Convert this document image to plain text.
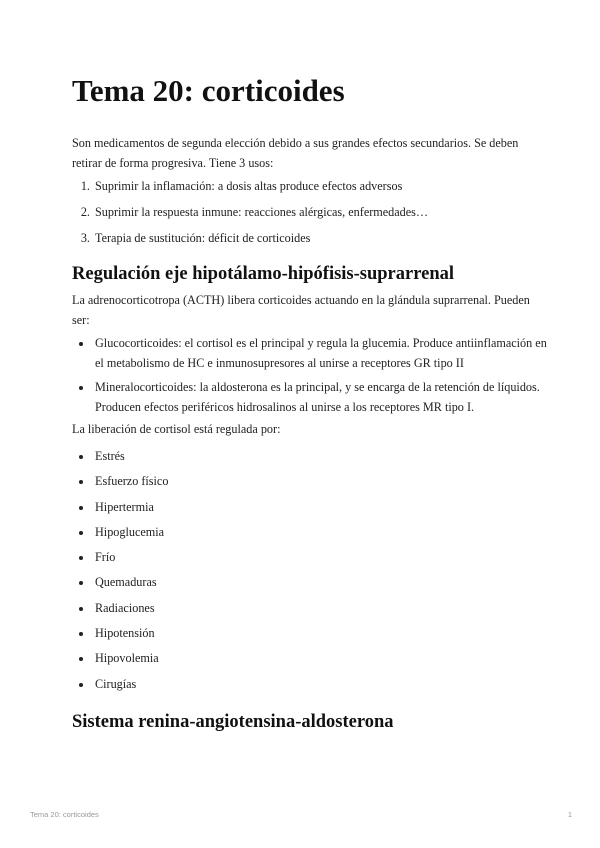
Tema 20: corticoides

Son medicamentos de segunda elección debido a sus grandes efectos secundarios. Se deben retirar de forma progresiva. Tiene 3 usos:

1. Suprimir la inflamación: a dosis altas produce efectos adversos
2. Suprimir la respuesta inmune: reacciones alérgicas, enfermedades…
3. Terapia de sustitución: déficit de corticoides
Regulación eje hipotálamo-hipófisis-suprarrenal

La adrenocorticotropa (ACTH) libera corticoides actuando en la glándula suprarrenal. Pueden ser:

• Glucocorticoides: el cortisol es el principal y regula la glucemia. Produce antiinflamación en el metabolismo de HC e inmunosupresores al unirse a receptores GR tipo II
• Mineralocorticoides: la aldosterona es la principal, y se encarga de la retención de líquidos. Producen efectos periféricos hidrosalinos al unirse a los receptores MR tipo I.

La liberación de cortisol está regulada por:

• Estrés
• Esfuerzo físico
• Hipertermia
• Hipoglucemia
• Frío
• Quemaduras
• Radiaciones
• Hipotensión
• Hipovolemia
• Cirugías
Sistema renina-angiotensina-aldosterona
Tema 20: corticoides	1
